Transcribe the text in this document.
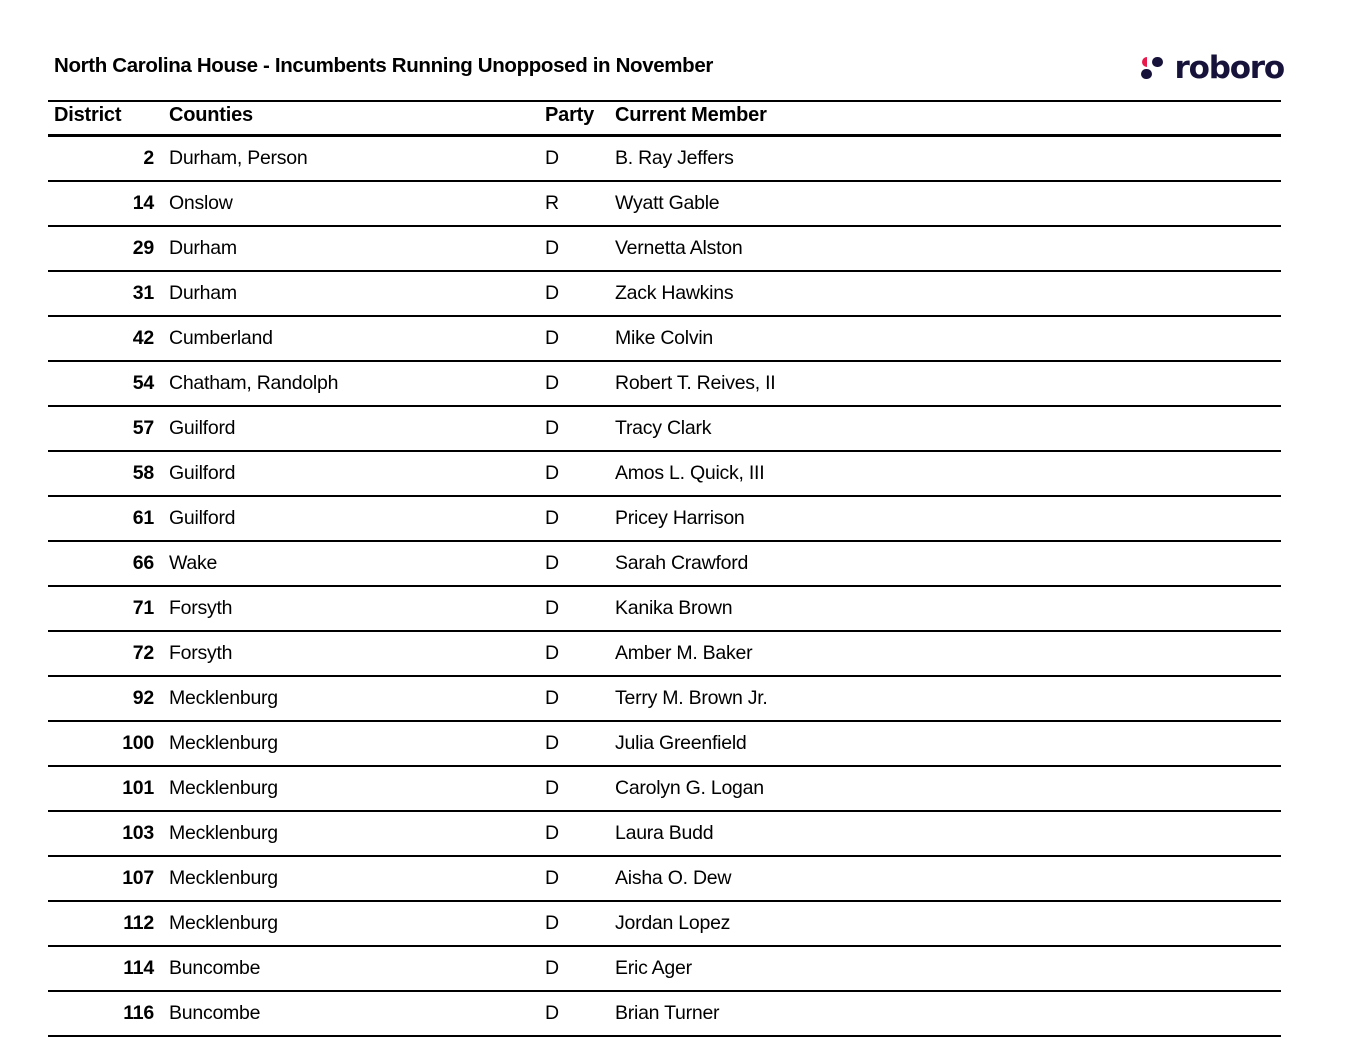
North Carolina House - Incumbents Running Unopposed in November	roboro
District	Counties	Party	Current Member
2	Durham, Person	D	B. Ray Jeffers
14	Onslow	R	Wyatt Gable
29	Durham	D	Vernetta Alston
31	Durham	D	Zack Hawkins
42	Cumberland	D	Mike Colvin
54	Chatham, Randolph	D	Robert T. Reives, II
57	Guilford	D	Tracy Clark
58	Guilford	D	Amos L. Quick, III
61	Guilford	D	Pricey Harrison
66	Wake	D	Sarah Crawford
71	Forsyth	D	Kanika Brown
72	Forsyth	D	Amber M. Baker
92	Mecklenburg	D	Terry M. Brown Jr.
100	Mecklenburg	D	Julia Greenfield
101	Mecklenburg	D	Carolyn G. Logan
103	Mecklenburg	D	Laura Budd
107	Mecklenburg	D	Aisha O. Dew
112	Mecklenburg	D	Jordan Lopez
114	Buncombe	D	Eric Ager
116	Buncombe	D	Brian Turner
